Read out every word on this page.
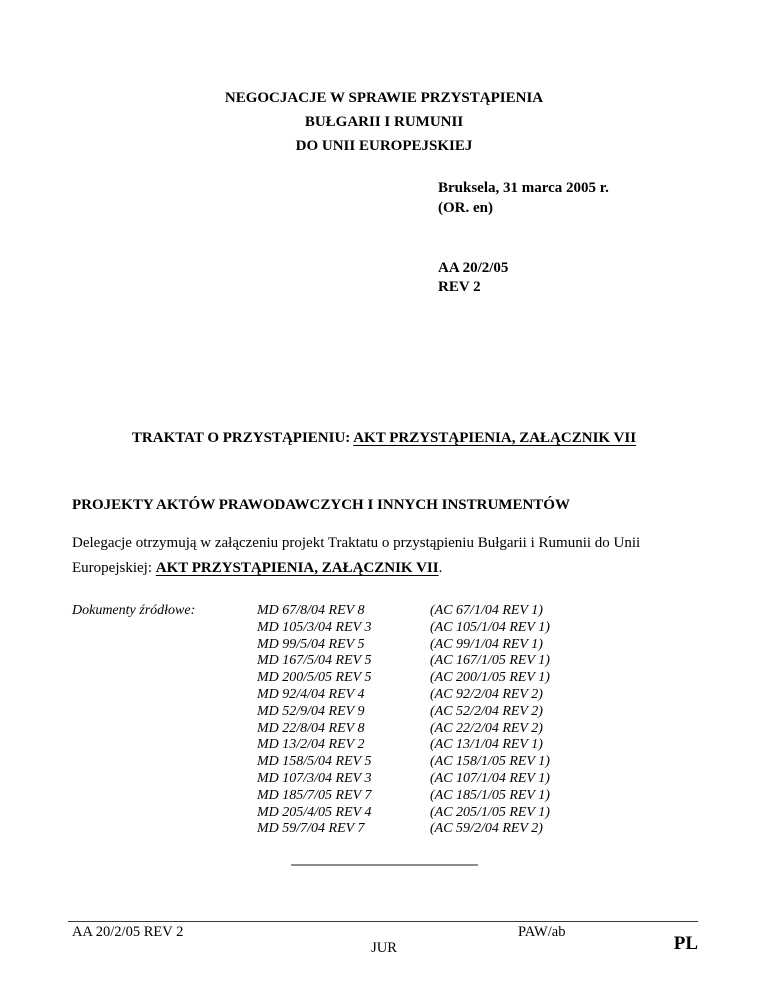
NEGOCJACJE W SPRAWIE PRZYSTĄPIENIA
BUŁGARII I RUMUNII
DO UNII EUROPEJSKIEJ
Bruksela, 31 marca 2005 r.
(OR. en)
AA 20/2/05
REV 2
TRAKTAT O PRZYSTĄPIENIU: AKT PRZYSTĄPIENIA, ZAŁĄCZNIK VII
PROJEKTY AKTÓW PRAWODAWCZYCH I INNYCH INSTRUMENTÓW
Delegacje otrzymują w załączeniu projekt Traktatu o przystąpieniu Bułgarii i Rumunii do Unii
Europejskiej: AKT PRZYSTĄPIENIA, ZAŁĄCZNIK VII.
Dokumenty źródłowe:	MD 67/8/04 REV 8	(AC 67/1/04 REV 1)
MD 105/3/04 REV 3	(AC 105/1/04 REV 1)
MD 99/5/04 REV 5	(AC 99/1/04 REV 1)
MD 167/5/04 REV 5	(AC 167/1/05 REV 1)
MD 200/5/05 REV 5	(AC 200/1/05 REV 1)
MD 92/4/04 REV 4	(AC 92/2/04 REV 2)
MD 52/9/04 REV 9	(AC 52/2/04 REV 2)
MD 22/8/04 REV 8	(AC 22/2/04 REV 2)
MD 13/2/04 REV 2	(AC 13/1/04 REV 1)
MD 158/5/04 REV 5	(AC 158/1/05 REV 1)
MD 107/3/04 REV 3	(AC 107/1/04 REV 1)
MD 185/7/05 REV 7	(AC 185/1/05 REV 1)
MD 205/4/05 REV 4	(AC 205/1/05 REV 1)
MD 59/7/04 REV 7	(AC 59/2/04 REV 2)
AA 20/2/05 REV 2	PAW/ab
JUR	PL
